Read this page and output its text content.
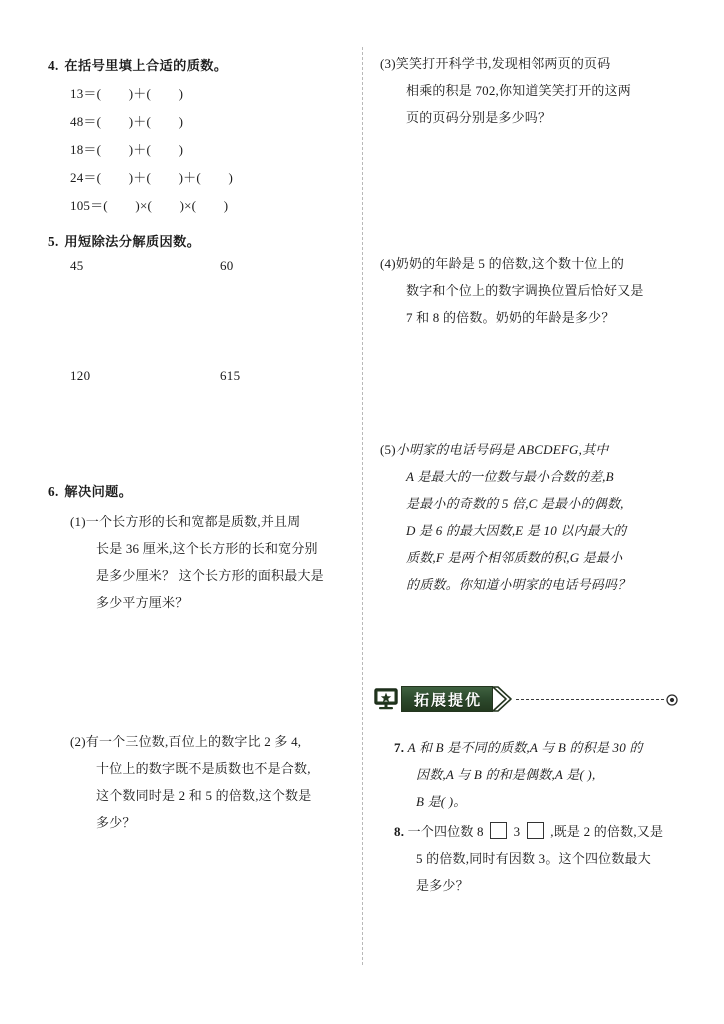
4. 在括号里填上合适的质数。
13＝(        )＋(        )
48＝(        )＋(        )
18＝(        )＋(        )
24＝(        )＋(        )＋(        )
105＝(        )×(        )×(        )
5. 用短除法分解质因数。
45	60
120	615
6. 解决问题。
(1)一个长方形的长和宽都是质数,并且周
长是 36 厘米,这个长方形的长和宽分别
是多少厘米？ 这个长方形的面积最大是
多少平方厘米？
(2)有一个三位数,百位上的数字比 2 多 4,
十位上的数字既不是质数也不是合数,
这个数同时是 2 和 5 的倍数,这个数是
多少？
(3)笑笑打开科学书,发现相邻两页的页码
相乘的积是 702,你知道笑笑打开的这两
页的页码分别是多少吗？
(4)奶奶的年龄是 5 的倍数,这个数十位上的
数字和个位上的数字调换位置后恰好又是
7 和 8 的倍数。奶奶的年龄是多少？
(5)小明家的电话号码是 ABCDEFG,其中
A 是最大的一位数与最小合数的差,B
是最小的奇数的 5 倍,C 是最小的偶数,
D 是 6 的最大因数,E 是 10 以内最大的
质数,F 是两个相邻质数的积,G 是最小
的质数。你知道小明家的电话号码吗？
拓展提优
7. A 和 B 是不同的质数,A 与 B 的积是 30 的
因数,A 与 B 的和是偶数,A 是( ),
B 是( )。
8. 一个四位数 8  3  ,既是 2 的倍数,又是
5 的倍数,同时有因数 3。这个四位数最大
是多少？
